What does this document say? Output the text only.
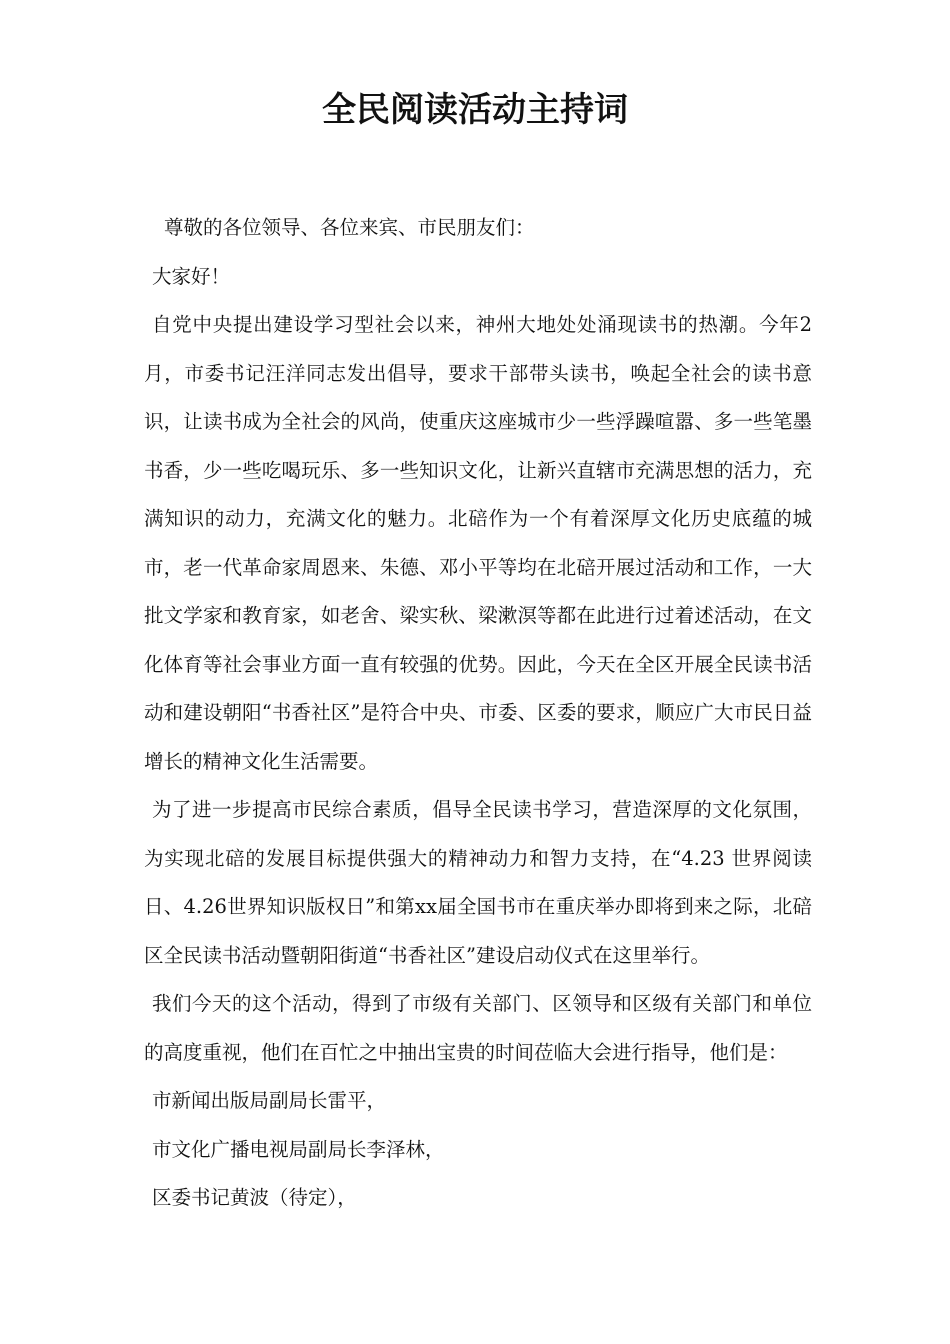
全民阅读活动主持词

尊敬的各位领导、各位来宾、市民朋友们：

大家好！

自党中央提出建设学习型社会以来，神州大地处处涌现读书的热潮。今年2月，市委书记汪洋同志发出倡导，要求干部带头读书，唤起全社会的读书意识，让读书成为全社会的风尚，使重庆这座城市少一些浮躁喧嚣、多一些笔墨书香，少一些吃喝玩乐、多一些知识文化，让新兴直辖市充满思想的活力，充满知识的动力，充满文化的魅力。北碚作为一个有着深厚文化历史底蕴的城市，老一代革命家周恩来、朱德、邓小平等均在北碚开展过活动和工作，一大批文学家和教育家，如老舍、梁实秋、梁漱溟等都在此进行过着述活动，在文化体育等社会事业方面一直有较强的优势。因此，今天在全区开展全民读书活动和建设朝阳“书香社区”是符合中央、市委、区委的要求，顺应广大市民日益增长的精神文化生活需要。

为了进一步提高市民综合素质，倡导全民读书学习，营造深厚的文化氛围，为实现北碚的发展目标提供强大的精神动力和智力支持，在“4.23 世界阅读日、4.26世界知识版权日”和第xx届全国书市在重庆举办即将到来之际，北碚区全民读书活动暨朝阳街道“书香社区”建设启动仪式在这里举行。

我们今天的这个活动，得到了市级有关部门、区领导和区级有关部门和单位的高度重视，他们在百忙之中抽出宝贵的时间莅临大会进行指导，他们是：

市新闻出版局副局长雷平，

市文化广播电视局副局长李泽林，

区委书记黄波（待定），
